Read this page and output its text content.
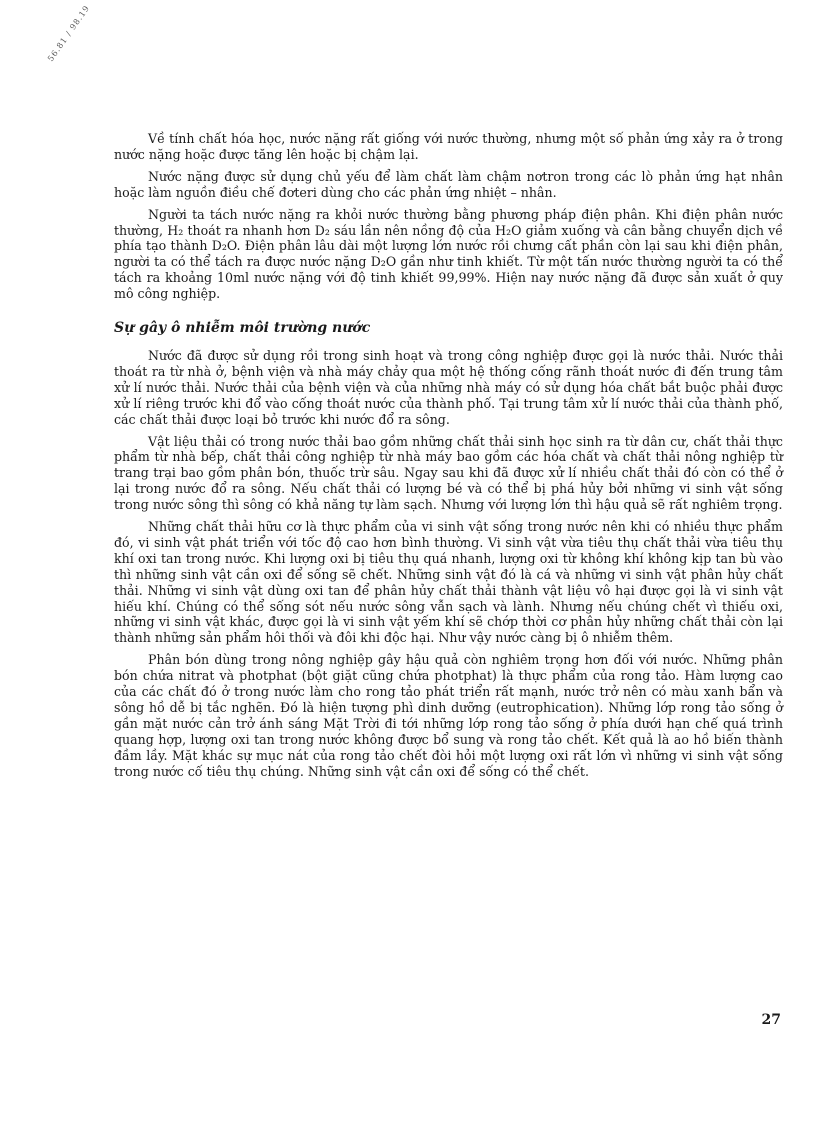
56.81 / 98.19

Về tính chất hóa học, nước nặng rất giống với nước thường, nhưng một số phản ứng xảy ra ở trong nước nặng hoặc được tăng lên hoặc bị chậm lại.

Nước nặng được sử dụng chủ yếu để làm chất làm chậm nơtron trong các lò phản ứng hạt nhân hoặc làm nguồn điều chế đơteri dùng cho các phản ứng nhiệt – nhân.

Người ta tách nước nặng ra khỏi nước thường bằng phương pháp điện phân. Khi điện phân nước thường, H₂ thoát ra nhanh hơn D₂ sáu lần nên nồng độ của H₂O giảm xuống và cân bằng chuyển dịch về phía tạo thành D₂O. Điện phân lâu dài một lượng lớn nước rồi chưng cất phần còn lại sau khi điện phân, người ta có thể tách ra được nước nặng D₂O gần như tinh khiết. Từ một tấn nước thường người ta có thể tách ra khoảng 10ml nước nặng với độ tinh khiết 99,99%. Hiện nay nước nặng đã được sản xuất ở quy mô công nghiệp.

Sự gây ô nhiễm môi trường nước

Nước đã được sử dụng rồi trong sinh hoạt và trong công nghiệp được gọi là nước thải. Nước thải thoát ra từ nhà ở, bệnh viện và nhà máy chảy qua một hệ thống cống rãnh thoát nước đi đến trung tâm xử lí nước thải. Nước thải của bệnh viện và của những nhà máy có sử dụng hóa chất bắt buộc phải được xử lí riêng trước khi đổ vào cống thoát nước của thành phố. Tại trung tâm xử lí nước thải của thành phố, các chất thải được loại bỏ trước khi nước đổ ra sông.

Vật liệu thải có trong nước thải bao gồm những chất thải sinh học sinh ra từ dân cư, chất thải thực phẩm từ nhà bếp, chất thải công nghiệp từ nhà máy bao gồm các hóa chất và chất thải nông nghiệp từ trang trại bao gồm phân bón, thuốc trừ sâu. Ngay sau khi đã được xử lí nhiều chất thải đó còn có thể ở lại trong nước đổ ra sông. Nếu chất thải có lượng bé và có thể bị phá hủy bởi những vi sinh vật sống trong nước sông thì sông có khả năng tự làm sạch. Nhưng với lượng lớn thì hậu quả sẽ rất nghiêm trọng.

Những chất thải hữu cơ là thực phẩm của vi sinh vật sống trong nước nên khi có nhiều thực phẩm đó, vi sinh vật phát triển với tốc độ cao hơn bình thường. Vi sinh vật vừa tiêu thụ chất thải vừa tiêu thụ khí oxi tan trong nước. Khi lượng oxi bị tiêu thụ quá nhanh, lượng oxi từ không khí không kịp tan bù vào thì những sinh vật cần oxi để sống sẽ chết. Những sinh vật đó là cá và những vi sinh vật phân hủy chất thải. Những vi sinh vật dùng oxi tan để phân hủy chất thải thành vật liệu vô hại được gọi là vi sinh vật hiếu khí. Chúng có thể sống sót nếu nước sông vẫn sạch và lành. Nhưng nếu chúng chết vì thiếu oxi, những vi sinh vật khác, được gọi là vi sinh vật yếm khí sẽ chớp thời cơ phân hủy những chất thải còn lại thành những sản phẩm hôi thối và đôi khi độc hại. Như vậy nước càng bị ô nhiễm thêm.

Phân bón dùng trong nông nghiệp gây hậu quả còn nghiêm trọng hơn đối với nước. Những phân bón chứa nitrat và photphat (bột giặt cũng chứa photphat) là thực phẩm của rong tảo. Hàm lượng cao của các chất đó ở trong nước làm cho rong tảo phát triển rất mạnh, nước trở nên có màu xanh bẩn và sông hồ dễ bị tắc nghẽn. Đó là hiện tượng phì dinh dưỡng (eutrophication). Những lớp rong tảo sống ở gần mặt nước cản trở ánh sáng Mặt Trời đi tới những lớp rong tảo sống ở phía dưới hạn chế quá trình quang hợp, lượng oxi tan trong nước không được bổ sung và rong tảo chết. Kết quả là ao hồ biến thành đầm lầy. Mặt khác sự mục nát của rong tảo chết đòi hỏi một lượng oxi rất lớn vì những vi sinh vật sống trong nước cố tiêu thụ chúng. Những sinh vật cần oxi để sống có thể chết.

27
